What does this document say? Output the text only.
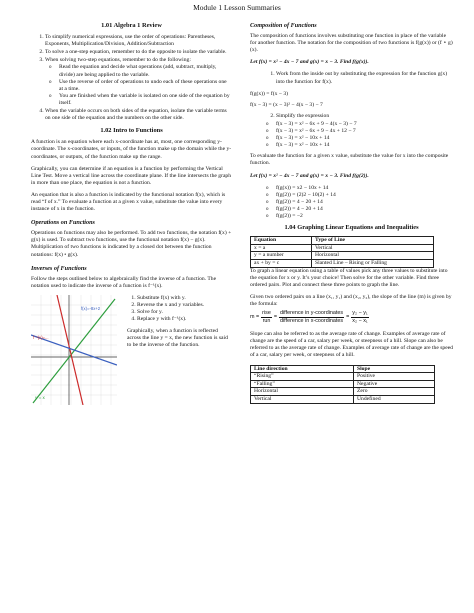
Module 1 Lesson Summaries
1.01 Algebra 1 Review
1. To simplify numerical expressions, use the order of operations: Parentheses, Exponents, Multiplication/Division, Addition/Subtraction
2. To solve a one-step equation, remember to do the opposite to isolate the variable.
3. When solving two-step equations, remember to do the following:
o Read the equation and decide what operations (add, subtract, multiply, divide) are being applied to the variable.
o Use the reverse of order of operations to undo each of these operations one at a time.
o You are finished when the variable is isolated on one side of the equation by itself.
4. When the variable occurs on both sides of the equation, isolate the variable terms on one side of the equation and the numbers on the other side.
1.02 Intro to Functions

A function is an equation where each x-coordinate has at, most, one corresponding y-coordinate. The x-coordinates, or inputs, of the function make up the domain while the y-coordinates, or outputs, of the function make up the range.

Graphically, you can determine if an equation is a function by performing the Vertical Line Test. Move a vertical line across the coordinate plane. If the line intersects the graph in more than one place, the equation is not a function.

An equation that is also a function is indicated by the functional notation f(x), which is read “f of x.” To evaluate a function at a given x value, substitute the value into every instance of x in the function.

Operations on Functions

Operations on functions may also be performed. To add two functions, the notation f(x) + g(x) is used. To subtract two functions, use the functional notation f(x) − g(x). Multiplication of two functions is indicated by a closed dot between the function notations: f(x) • g(x).

Inverses of Functions

Follow the steps outlined below to algebraically find the inverse of a function. The notation used to indicate the inverse of a function is f⁻¹(x).

f(x)=-8x+2
f⁻¹(x)=...
y = x
1. Substitute f(x) with y.
2. Reverse the x and y variables.
3. Solve for y.
4. Replace y with f⁻¹(x).

Graphically, when a function is reflected across the line y = x, the new function is said to be the inverse of the function.

Composition of Functions

The composition of functions involves substituting one function in place of the variable for another function. The notation for the composition of two functions is f(g(x)) or (f ∘ g)(x).

Let f(x) = x² − 4x − 7 and g(x) = x − 3. Find f(g(x)).

1. Work from the inside out by substituting the expression for the function g(x) into the function for f(x).
f(g(x)) = f(x − 3)
f(x − 3) = (x − 3)² − 4(x − 3) − 7
2. Simplify the expression
o f(x − 3) = x² − 6x + 9 − 4(x − 3) − 7
o f(x − 3) = x² − 6x + 9 − 4x + 12 − 7
o f(x − 3) = x² − 10x + 14
o f(x − 3) = x² − 10x + 14

To evaluate the function for a given x value, substitute the value for x into the composite function.

Let f(x) = x² − 4x − 7 and g(x) = x − 3. Find f(g(2)).

o f(g(x)) = x2 − 10x + 14
o f(g(2)) = (2)2 − 10(2) + 14
o f(g(2)) = 4 − 20 + 14
o f(g(2)) = 4 − 20 + 14
o f(g(2)) = −2
1.04 Graphing Linear Equations and Inequalities
Equation	Type of Line
x = a	Vertical
y = a number	Horizontal
ax + by = c	Slanted Line – Rising or Falling

To graph a linear equation using a table of values pick any three values to substitute into the equation for x or y. It’s your choice! Then solve for the other variable. Find three ordered pairs. Plot and connect these three points to graph the line.

Given two ordered pairs on a line (x₁, y₁) and (x₂, y₂), the slope of the line (m) is given by the formula:

$m = \frac{\text{rise}}{\text{run}} = \frac{\text{difference in y-coordinates}}{\text{difference in x-coordinates}} = \frac{\text{y₂ − y₁}}{\text{x₂ − x₁}}$

Slope can also be referred to as the average rate of change. Examples of average rate of change are the speed of a car, salary per week, or steepness of a hill. Slope can also be referred to as the average rate of change. Examples of average rate of change are the speed of a car, salary per week, or steepness of a hill.

Line direction	Slope
“Rising”	Positive
“Falling”	Negative
Horizontal	Zero
Vertical	Undefined
